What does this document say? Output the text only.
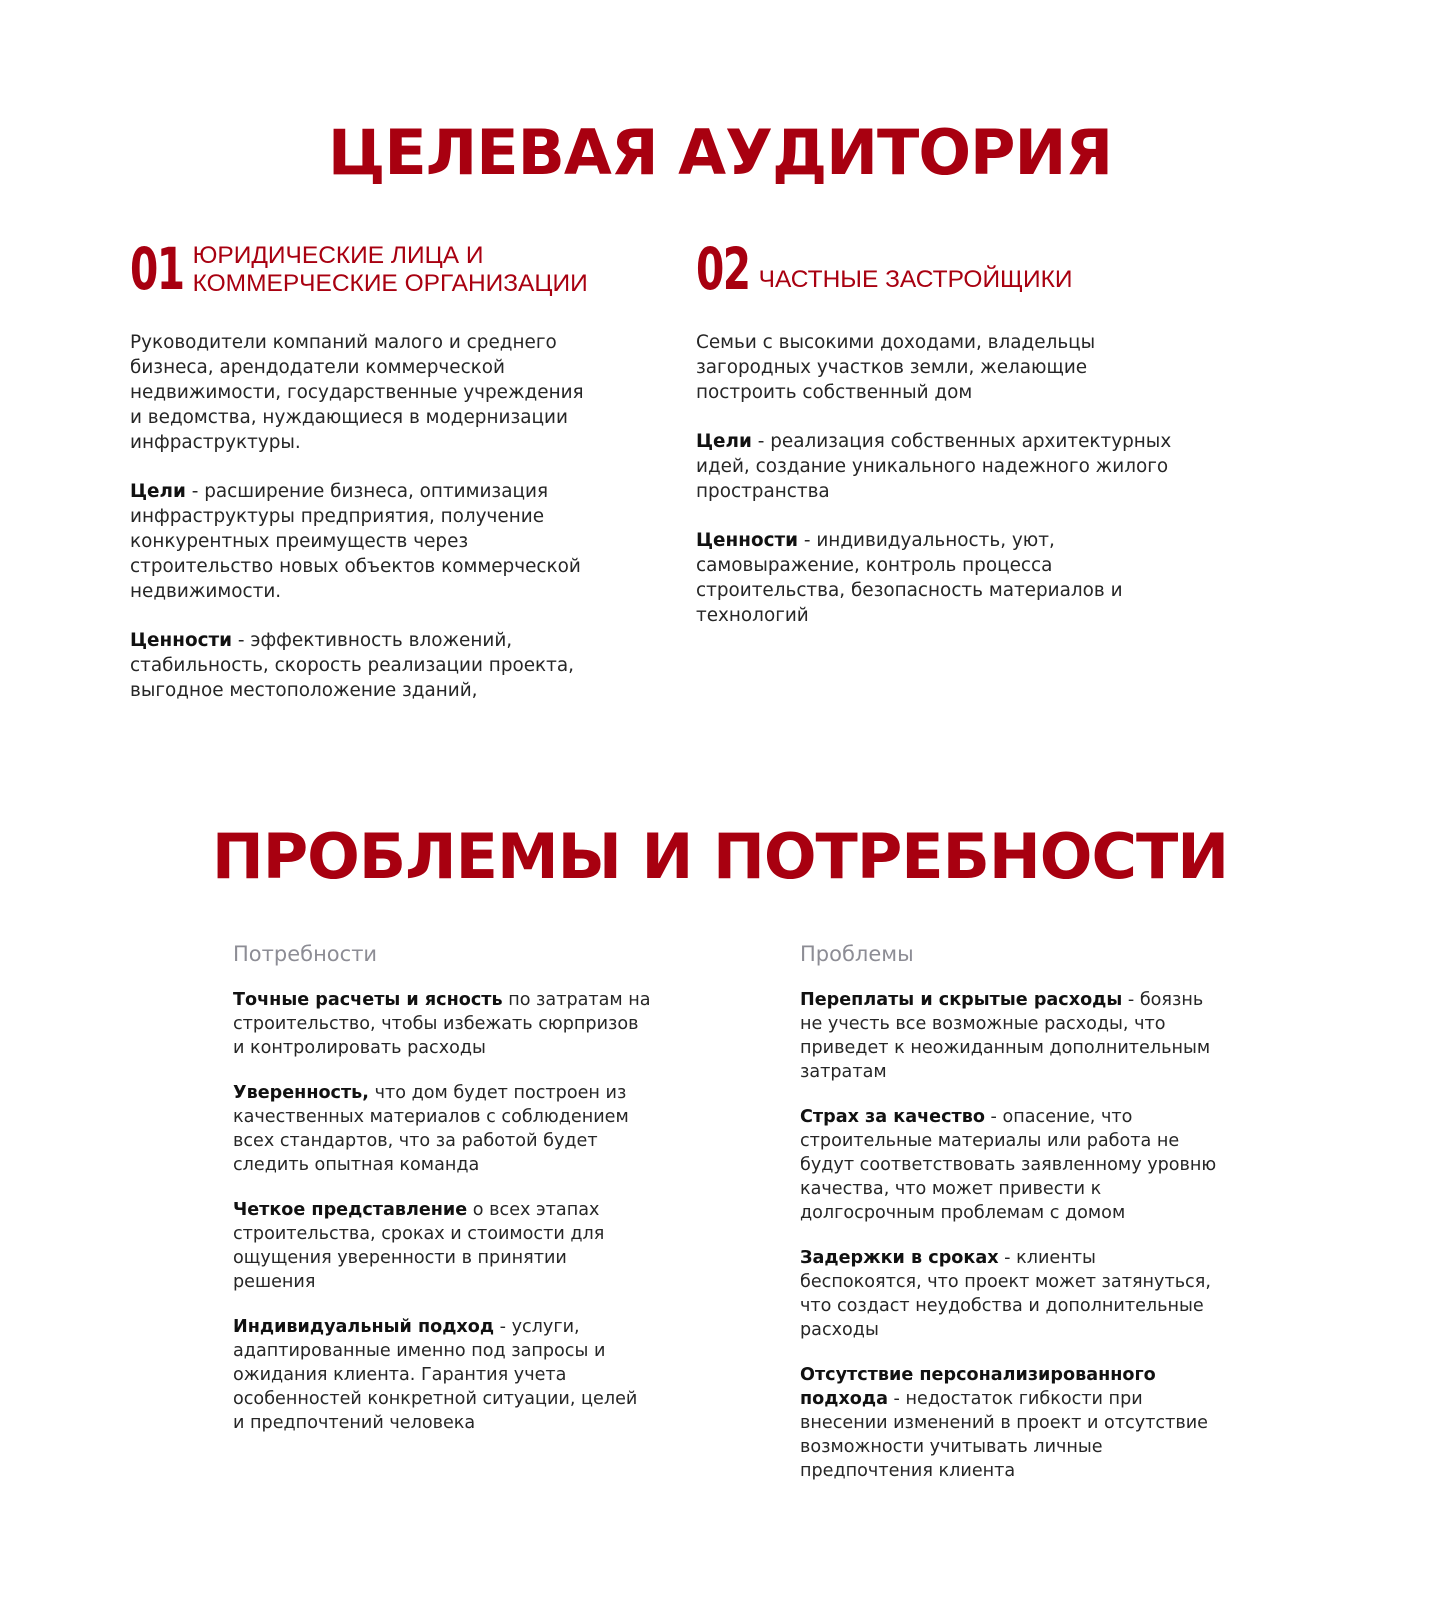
ЦЕЛЕВАЯ АУДИТОРИЯ
01 ЮРИДИЧЕСКИЕ ЛИЦА И
КОММЕРЧЕСКИЕ ОРГАНИЗАЦИИ

Руководители компаний малого и среднего бизнеса, арендодатели коммерческой недвижимости, государственные учреждения и ведомства, нуждающиеся в модернизации инфраструктуры.

Цели - расширение бизнеса, оптимизация инфраструктуры предприятия, получение конкурентных преимуществ через строительство новых объектов коммерческой недвижимости.

Ценности - эффективность вложений, стабильность, скорость реализации проекта, выгодное местоположение зданий,

02 ЧАСТНЫЕ ЗАСТРОЙЩИКИ

Семьи с высокими доходами, владельцы загородных участков земли, желающие построить собственный дом

Цели - реализация собственных архитектурных идей, создание уникального надежного жилого пространства

Ценности - индивидуальность, уют, самовыражение, контроль процесса строительства, безопасность материалов и технологий

ПРОБЛЕМЫ И ПОТРЕБНОСТИ
Потребности	Проблемы
Точные расчеты и ясность по затратам на строительство, чтобы избежать сюрпризов и контролировать расходы
Уверенность, что дом будет построен из качественных материалов с соблюдением всех стандартов, что за работой будет следить опытная команда
Четкое представление о всех этапах строительства, сроках и стоимости для ощущения уверенности в принятии решения
Индивидуальный подход - услуги, адаптированные именно под запросы и ожидания клиента. Гарантия учета особенностей конкретной ситуации, целей и предпочтений человека
Переплаты и скрытые расходы - боязнь не учесть все возможные расходы, что приведет к неожиданным дополнительным затратам
Страх за качество - опасение, что строительные материалы или работа не будут соответствовать заявленному уровню качества, что может привести к долгосрочным проблемам с домом
Задержки в сроках - клиенты беспокоятся, что проект может затянуться, что создаст неудобства и дополнительные расходы
Отсутствие персонализированного подхода - недостаток гибкости при внесении изменений в проект и отсутствие возможности учитывать личные предпочтения клиента
